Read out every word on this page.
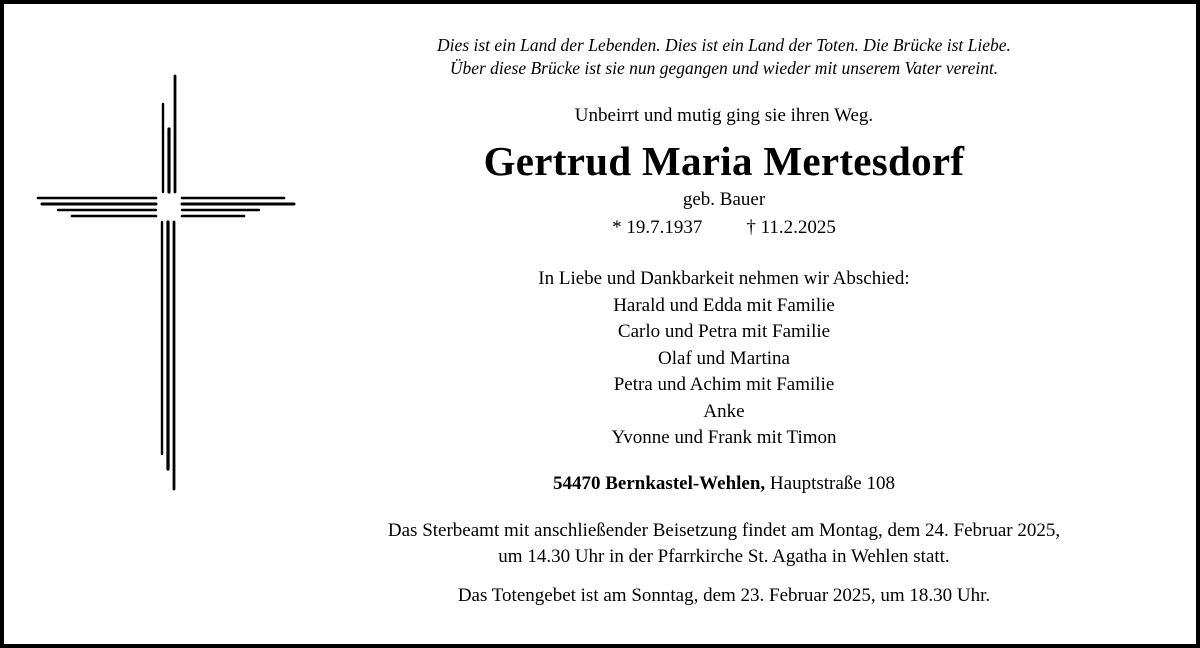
Dies ist ein Land der Lebenden. Dies ist ein Land der Toten. Die Brücke ist Liebe.
Über diese Brücke ist sie nun gegangen und wieder mit unserem Vater vereint.
Unbeirrt und mutig ging sie ihren Weg.
Gertrud Maria Mertesdorf
geb. Bauer
* 19.7.1937 † 11.2.2025
In Liebe und Dankbarkeit nehmen wir Abschied:
Harald und Edda mit Familie
Carlo und Petra mit Familie
Olaf und Martina
Petra und Achim mit Familie
Anke
Yvonne und Frank mit Timon
54470 Bernkastel-Wehlen, Hauptstraße 108
Das Sterbeamt mit anschließender Beisetzung findet am Montag, dem 24. Februar 2025,
um 14.30 Uhr in der Pfarrkirche St. Agatha in Wehlen statt.
Das Totengebet ist am Sonntag, dem 23. Februar 2025, um 18.30 Uhr.
